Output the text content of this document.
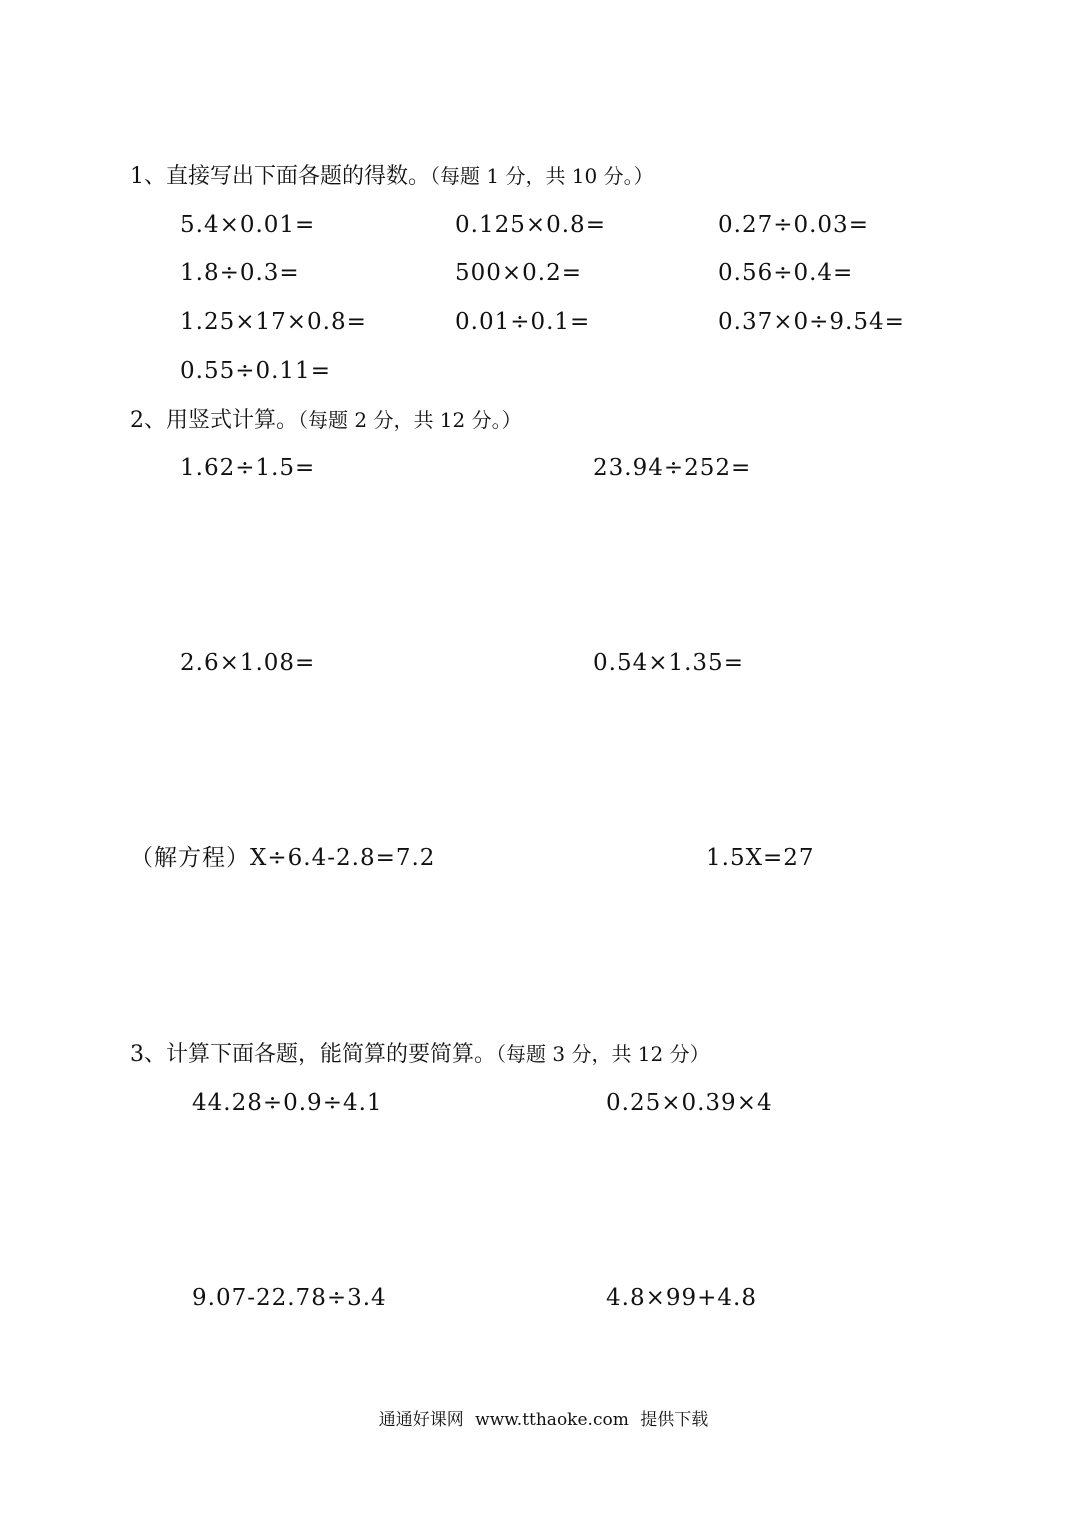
1、直接写出下面各题的得数。（每题 1 分，共 10 分。）
5.4×0.01=	0.125×0.8=	0.27÷0.03=
1.8÷0.3=	500×0.2=	0.56÷0.4=
1.25×17×0.8=	0.01÷0.1=	0.37×0÷9.54=
0.55÷0.11=
2、用竖式计算。（每题 2 分，共 12 分。）
1.62÷1.5=	23.94÷252=
2.6×1.08=	0.54×1.35=
（解方程）X÷6.4-2.8=7.2	1.5X=27
3、计算下面各题，能简算的要简算。（每题 3 分，共 12 分）
44.28÷0.9÷4.1	0.25×0.39×4
9.07-22.78÷3.4	4.8×99+4.8
通通好课网 www.tthaoke.com 提供下载
